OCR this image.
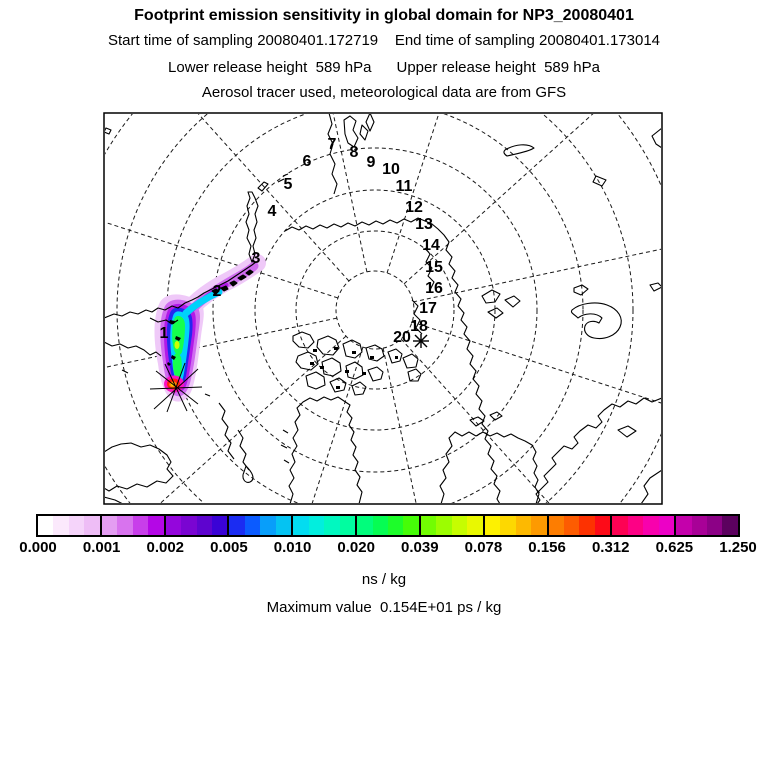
Footprint emission sensitivity in global domain for NP3_20080401
Start time of sampling 20080401.172719    End time of sampling 20080401.173014
Lower release height  589 hPa      Upper release height  589 hPa
Aerosol tracer used, meteorological data are from GFS
1
2
3
4
5
6
7 8
9 10
11
12
13
14
15
16
17
18
20
0.000 0.001 0.002 0.005 0.010 0.020 0.039 0.078 0.156 0.312 0.625 1.250
ns / kg
Maximum value  0.154E+01 ps / kg
